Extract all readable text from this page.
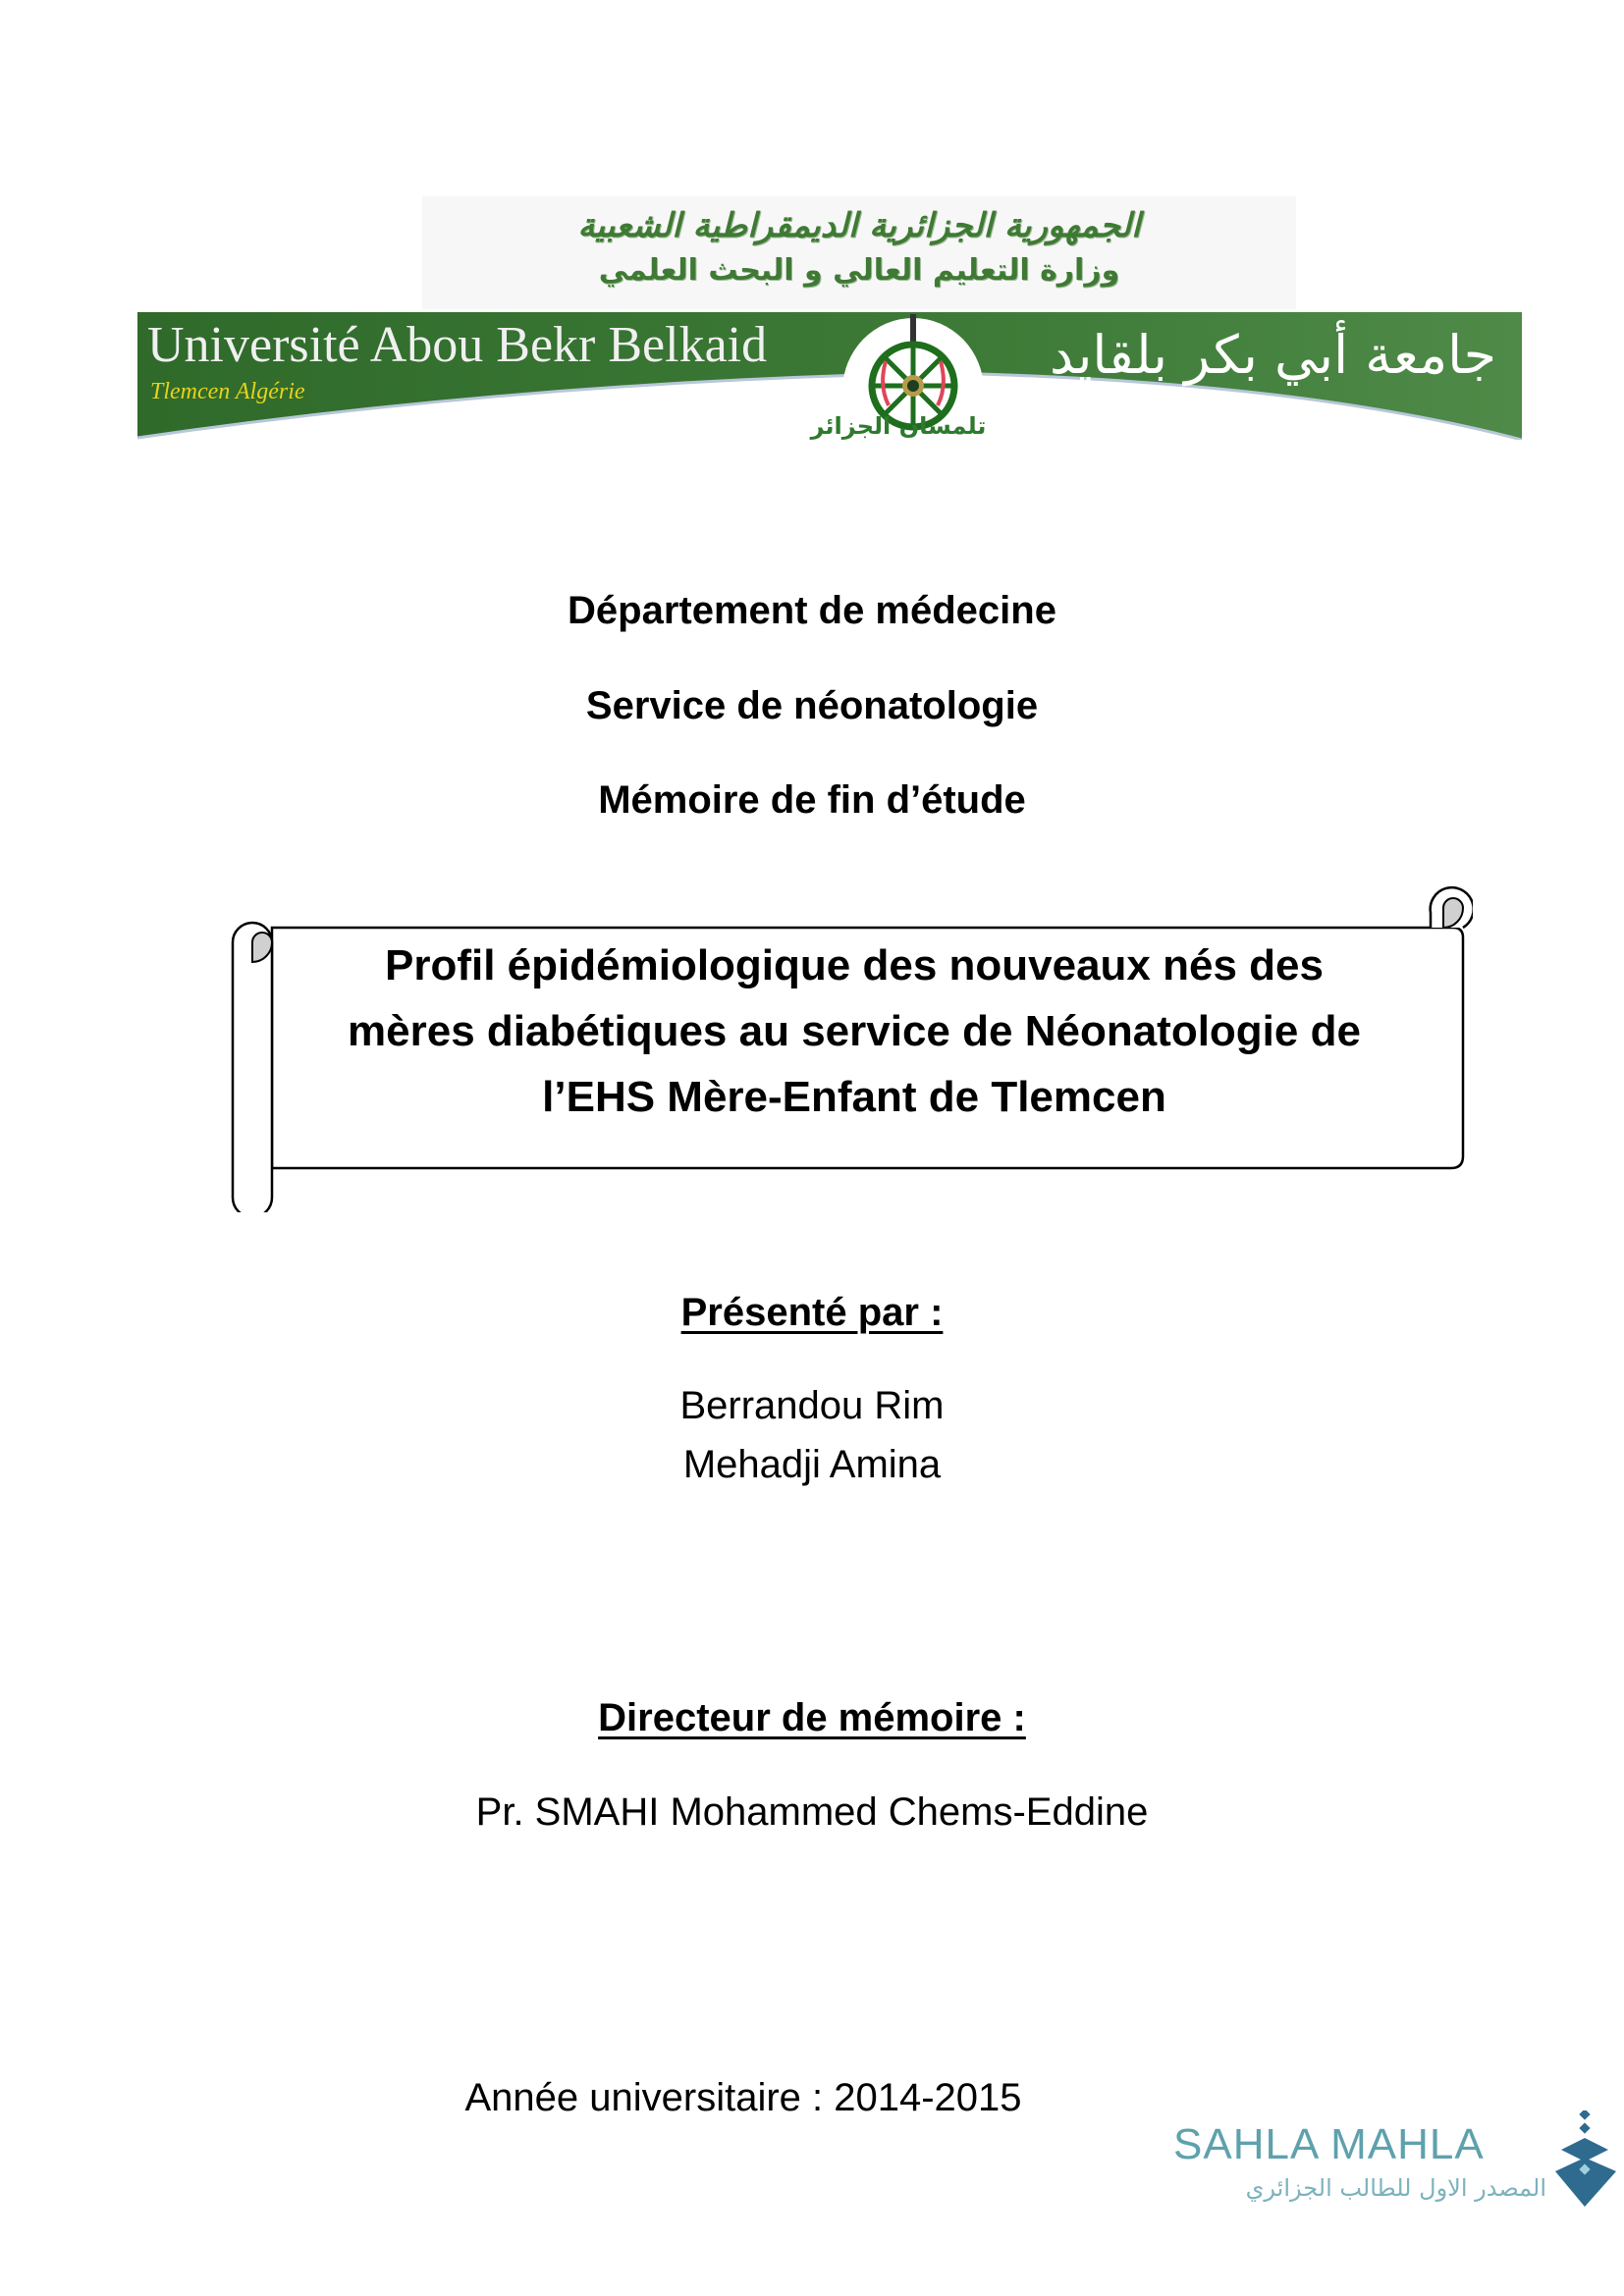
الجمهورية الجزائرية الديمقراطية الشعبية
وزارة التعليم العالي و البحث العلمي
Université Abou Bekr Belkaid
Tlemcen Algérie
جامعة أبي بكر بلقايد
تلمسان الجزائر
Département de médecine
Service de néonatologie
Mémoire de fin d’étude
Profil épidémiologique des nouveaux nés des
mères diabétiques au service de Néonatologie de
l’EHS Mère-Enfant de Tlemcen
Présenté par :
Berrandou Rim
Mehadji Amina
Directeur de mémoire :
Pr. SMAHI Mohammed Chems-Eddine
Année universitaire : 2014-2015
SAHLA MAHLA
المصدر الاول للطالب الجزائري
